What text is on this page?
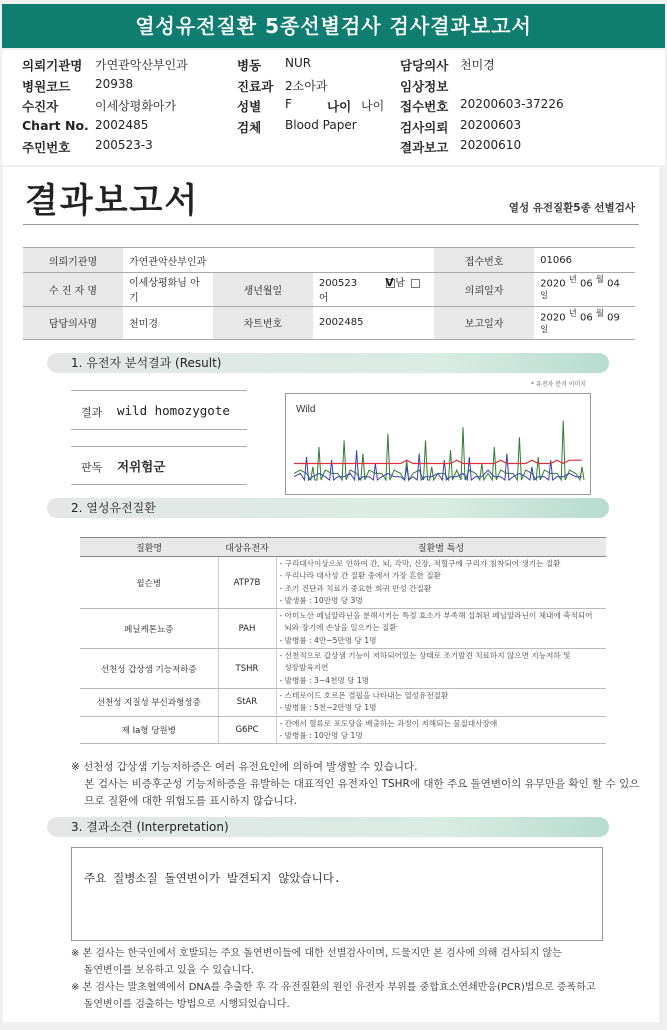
열성유전질환 5종선별검사 검사결과보고서
의뢰기관명 가연관악산부인과
병원코드 20938
수진자	이세상평화아가
Chart No. 2002485
주민번호 200523-3
병동 NUR
진료과 2소아과
성별 F	나이 나이
검체 Blood Paper
담당의사 천미경
임상정보
접수번호 20200603-37226
검사의뢰 20200603
결과보고 20200610
결과보고서	열성 유전질환5종 선별검사
의뢰기관명	가연관악산부인과			접수번호	01066
수 진 자 명	이세상평화님 아기	생년월일	200523 V 남 어	의뢰일자	2020 $^년$ 06 $^월$ 04 $^일$
담당의사명	천미경	차트번호	2002485	보고일자	2020 $^년$ 06 $^월$ 09 $^일$
1. 유전자 분석결과 (Result)
* 유전자 분석 이미지
결과 wild homozygote
판독 저위험군
Wild
2. 열성유전질환
질환명	대상유전자	질환별 특성
윌슨병	ATP7B	- 구리대사이상으로 인하여 간, 뇌, 각막, 신장, 적혈구에 구리가 침착되어 생기는 질환
- 우리나라 대사성 간 질환 중에서 가장 흔한 질환
- 조기 진단과 치료가 중요한 희귀 만성 간질환
- 발생률 : 10만명 당 3명

페닐케톤뇨증	PAH	- 아미노산 페닐알라닌을 분해시키는 특정 효소가 부족해 섭취된 페닐알라닌이 체내에 축적되어
뇌와 장기에 손상을 일으키는 질환
- 발병률 : 4만~5만명 당 1명

선천성 갑상샘 기능저하증	TSHR	- 선천적으로 갑상샘 기능이 저하되어있는 상태로 조기발견 치료하지 않으면 지능저하 및
성장발육지연
- 발병률 : 3~4천명 당 1명

선천성 지질성 부신과형성증	StAR	- 스테로이드 호르몬 결핍을 나타내는 열성유전질환
- 발병률 : 5천~2만명 당 1명

제 Ia형 당원병	G6PC	- 간에서 혈류로 포도당을 배출하는 과정이 저해되는 물질대사장애
- 발병률 : 10만명 당 1명
※ 선천성 갑상샘 기능저하증은 여러 유전요인에 의하여 발생할 수 있습니다.
본 검사는 비증후군성 기능저하증을 유발하는 대표적인 유전자인 TSHR에 대한 주요 돌연변이의 유무만을 확인 할 수 있으
므로 질환에 대한 위험도를 표시하지 않습니다.
3. 결과소견 (Interpretation)
주요 질병소질 돌연변이가 발견되지 않았습니다.
※ 본 검사는 한국인에서 호발되는 주요 돌연변이들에 대한 선별검사이며, 드물지만 본 검사에 의해 검사되지 않는
돌연변이를 보유하고 있을 수 있습니다.
※ 본 검사는 말초혈액에서 DNA를 추출한 후 각 유전질환의 원인 유전자 부위를 중합효소연쇄반응(PCR)법으로 증폭하고
돌연변이를 검출하는 방법으로 시행되었습니다.
